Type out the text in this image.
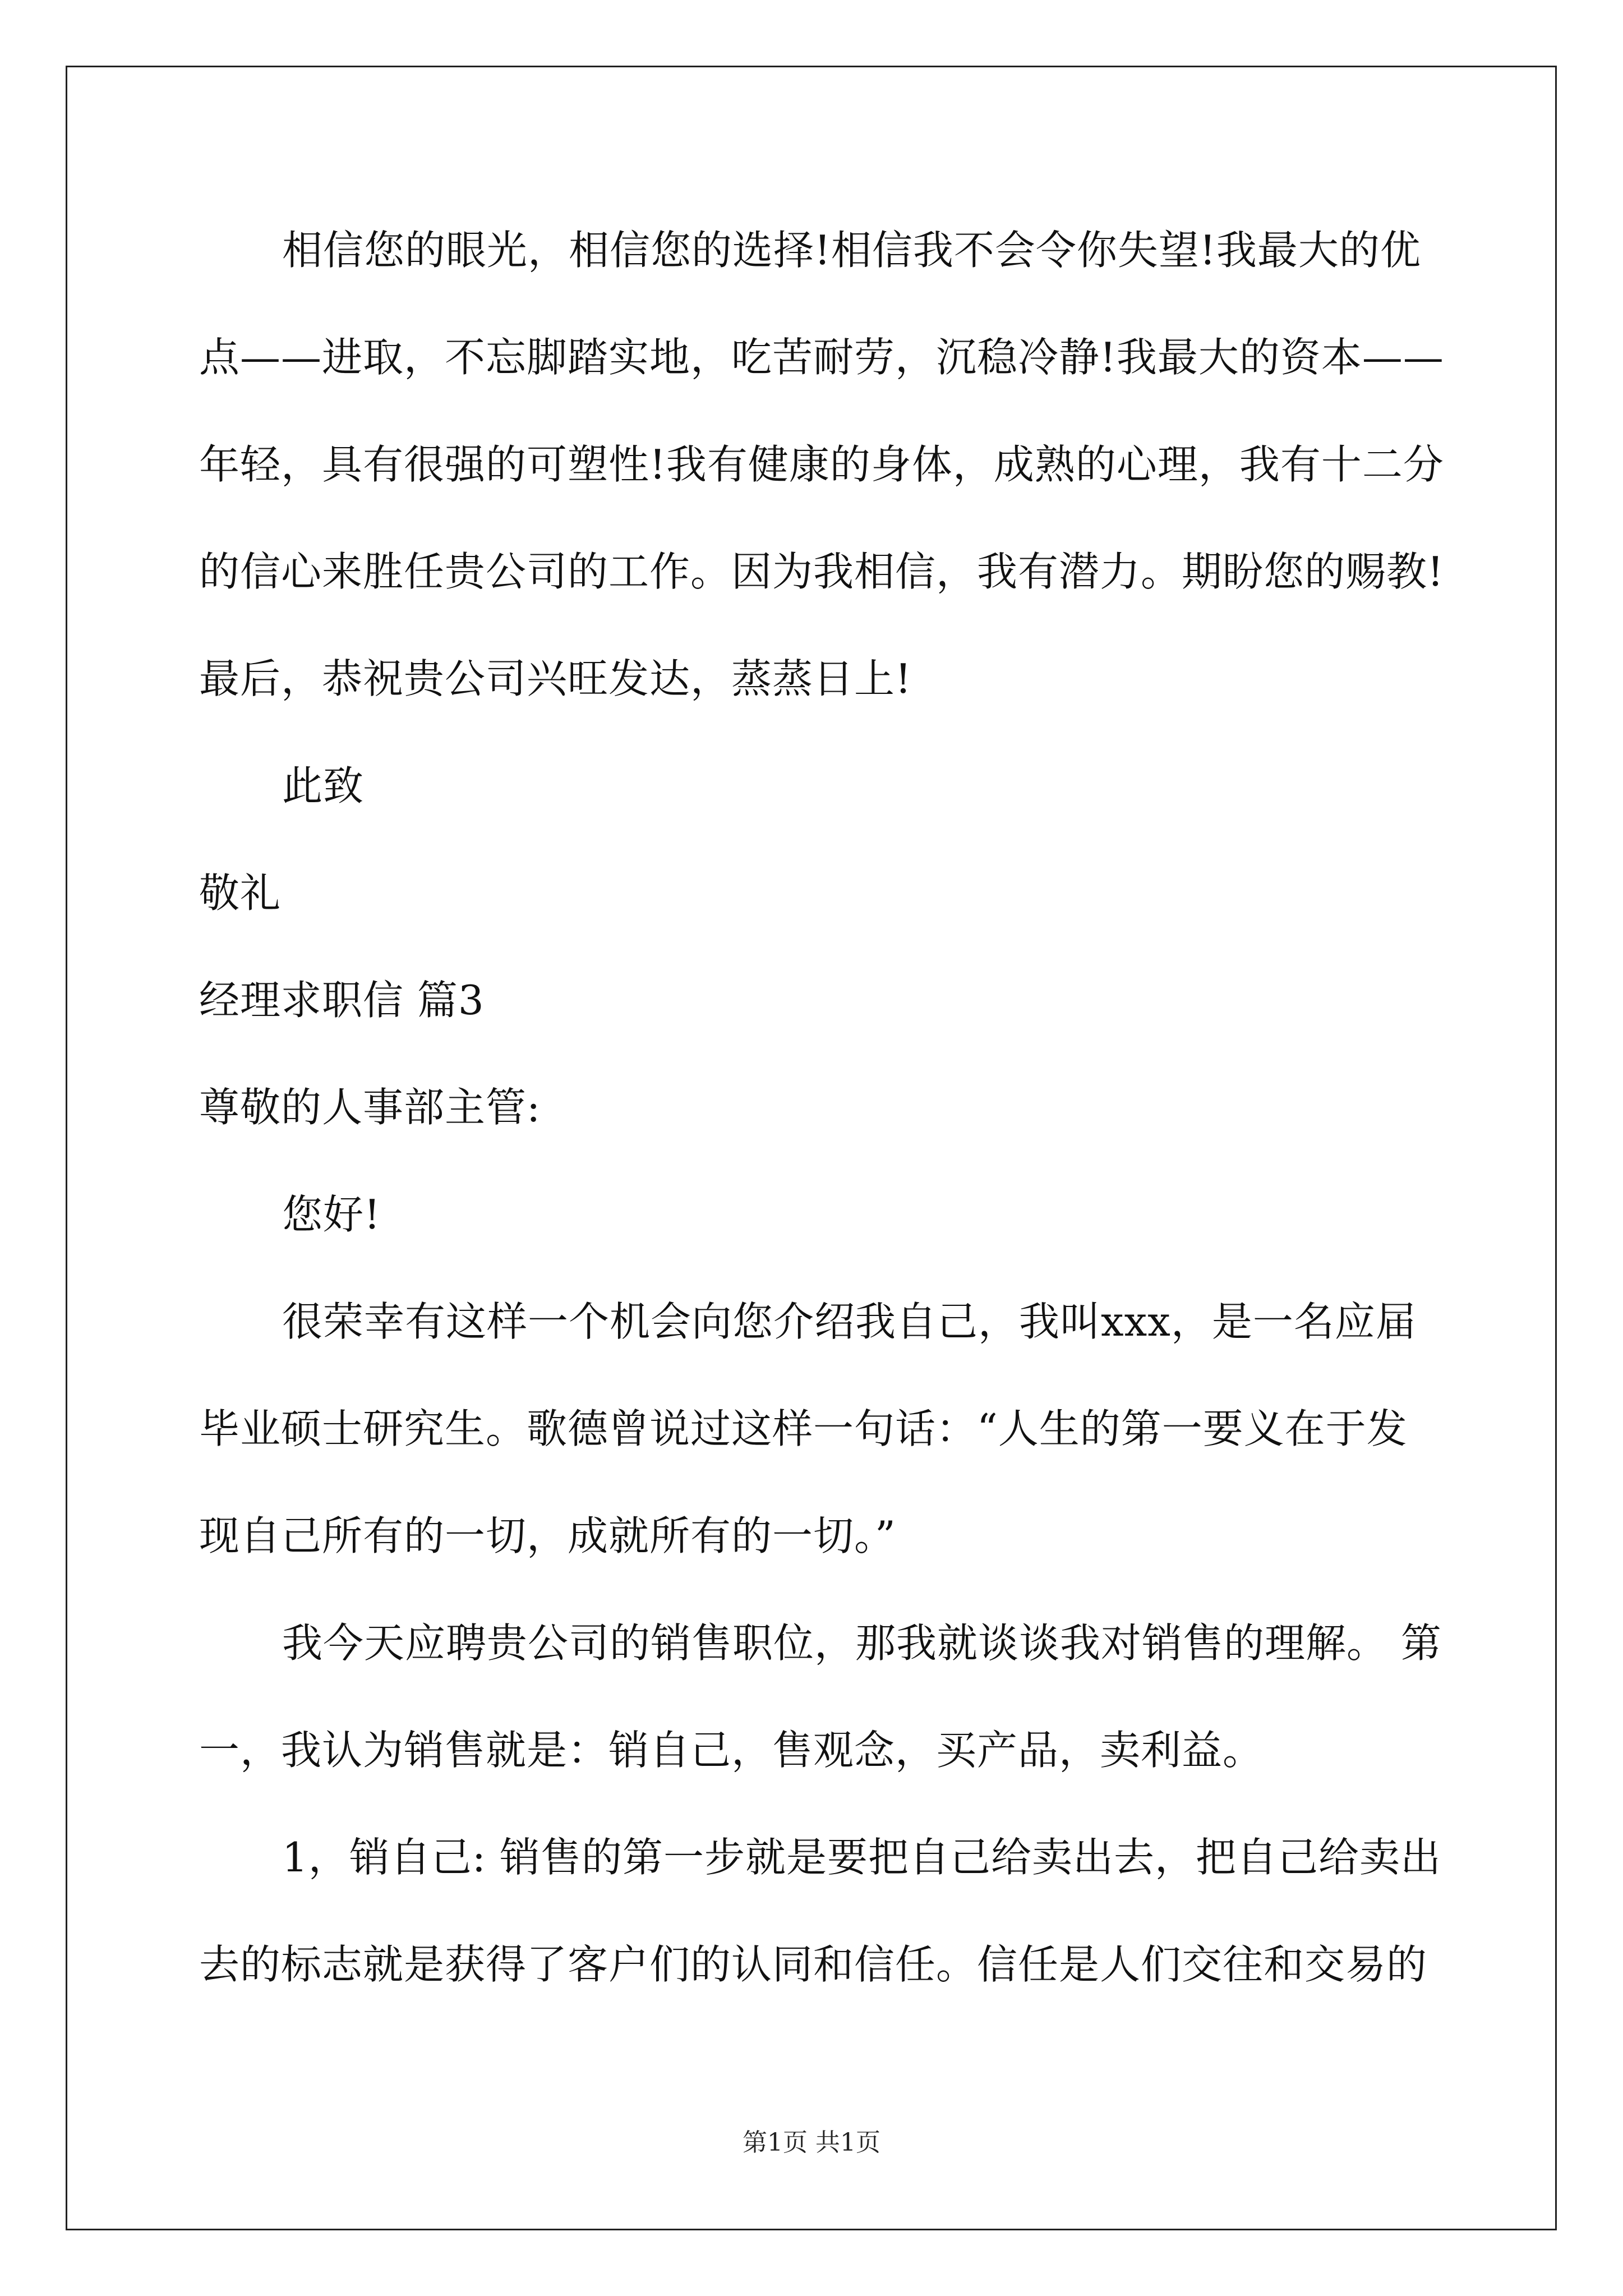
相信您的眼光，相信您的选择!相信我不会令你失望!我最大的优
点——进取，不忘脚踏实地，吃苦耐劳，沉稳冷静!我最大的资本——
年轻，具有很强的可塑性!我有健康的身体，成熟的心理，我有十二分
的信心来胜任贵公司的工作。因为我相信，我有潜力。期盼您的赐教!
最后，恭祝贵公司兴旺发达，蒸蒸日上!
此致
敬礼
经理求职信 篇3
尊敬的人事部主管:
您好!
很荣幸有这样一个机会向您介绍我自己，我叫xxx，是一名应届
毕业硕士研究生。歌德曾说过这样一句话：“人生的第一要义在于发
现自己所有的一切，成就所有的一切。”
我今天应聘贵公司的销售职位，那我就谈谈我对销售的理解。 第
一，我认为销售就是：销自己，售观念，买产品，卖利益。
1，销自己: 销售的第一步就是要把自己给卖出去，把自己给卖出
去的标志就是获得了客户们的认同和信任。信任是人们交往和交易的
第1页 共1页
